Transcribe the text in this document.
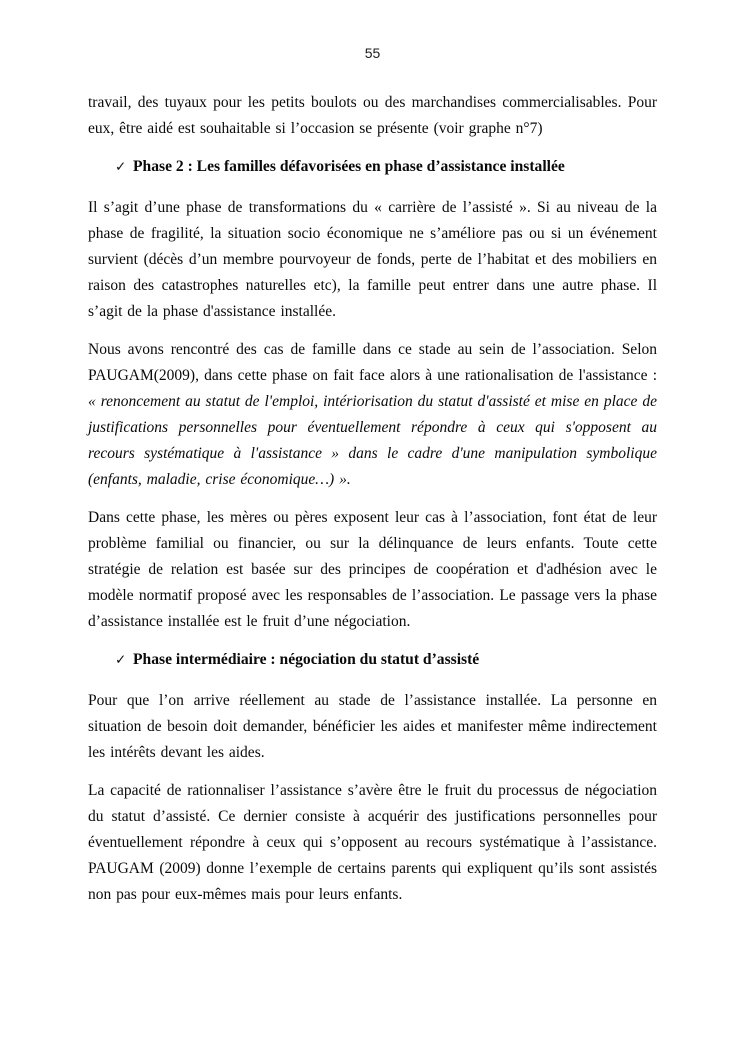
55

travail, des tuyaux pour les petits boulots ou des marchandises commercialisables. Pour eux, être aidé est souhaitable si l’occasion se présente (voir graphe n°7)

✓ Phase 2 : Les familles défavorisées en phase d’assistance installée

Il s’agit d’une phase de transformations du « carrière de l’assisté ». Si au niveau de la phase de fragilité, la situation socio économique ne s’améliore pas ou si un événement survient (décès d’un membre pourvoyeur de fonds, perte de l’habitat et des mobiliers en raison des catastrophes naturelles etc), la famille peut entrer dans une autre phase. Il s’agit de la phase d'assistance installée.

Nous avons rencontré des cas de famille dans ce stade au sein de l’association. Selon PAUGAM(2009), dans cette phase on fait face alors à une rationalisation de l'assistance : « renoncement au statut de l'emploi, intériorisation du statut d'assisté et mise en place de justifications personnelles pour éventuellement répondre à ceux qui s'opposent au recours systématique à l'assistance » dans le cadre d'une manipulation symbolique (enfants, maladie, crise économique…) ».

Dans cette phase, les mères ou pères exposent leur cas à l’association, font état de leur problème familial ou financier, ou sur la délinquance de leurs enfants. Toute cette stratégie de relation est basée sur des principes de coopération et d'adhésion avec le modèle normatif proposé avec les responsables de l’association. Le passage vers la phase d’assistance installée est le fruit d’une négociation.

✓ Phase intermédiaire : négociation du statut d’assisté

Pour que l’on arrive réellement au stade de l’assistance installée. La personne en situation de besoin doit demander, bénéficier les aides et manifester même indirectement les intérêts devant les aides.

La capacité de rationnaliser l’assistance s’avère être le fruit du processus de négociation du statut d’assisté. Ce dernier consiste à acquérir des justifications personnelles pour éventuellement répondre à ceux qui s’opposent au recours systématique à l’assistance. PAUGAM (2009) donne l’exemple de certains parents qui expliquent qu’ils sont assistés non pas pour eux-mêmes mais pour leurs enfants.
